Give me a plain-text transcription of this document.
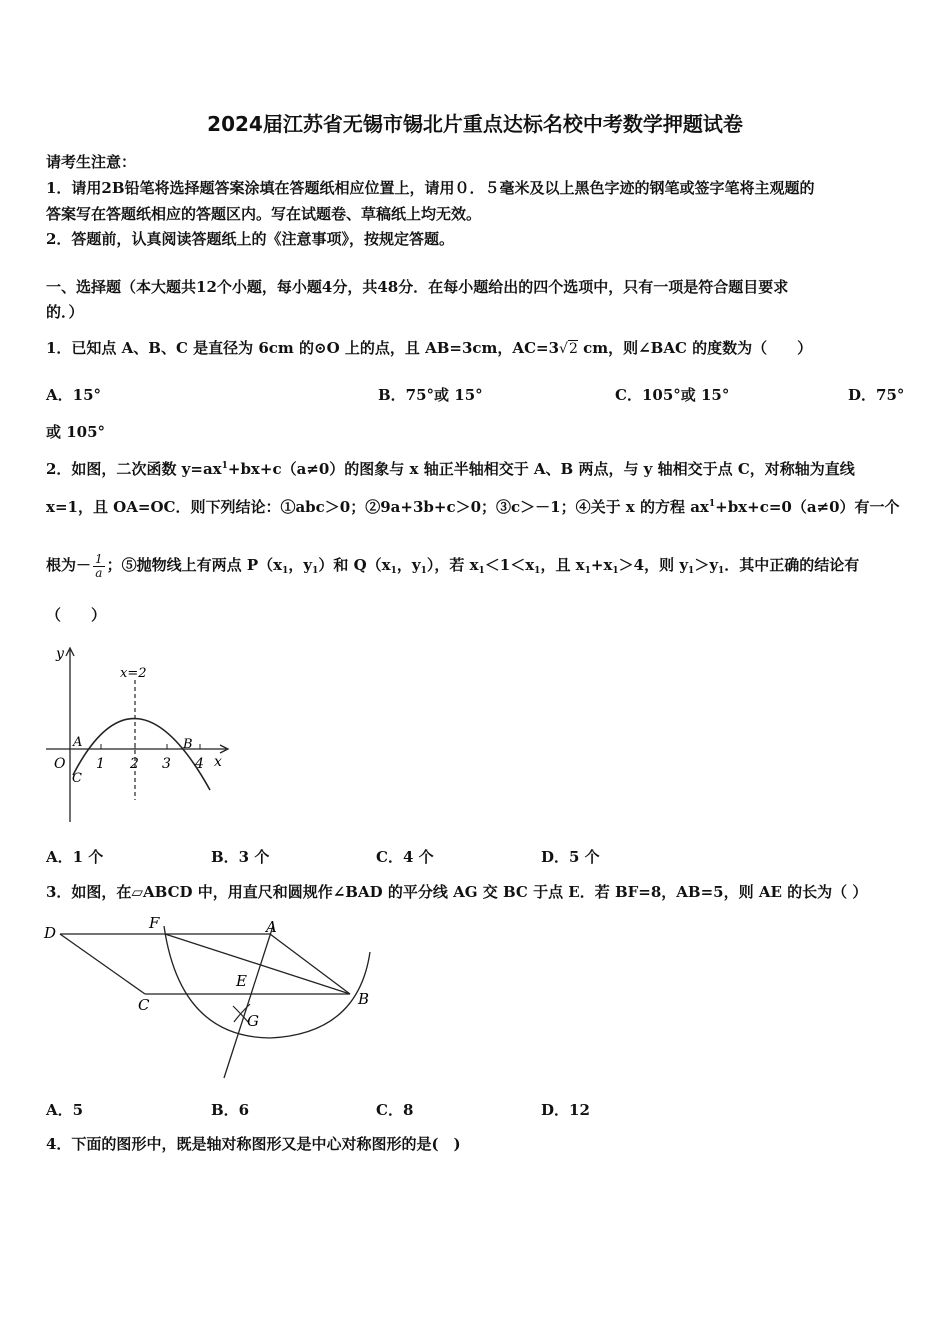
2024届江苏省无锡市锡北片重点达标名校中考数学押题试卷
请考生注意：
1．请用2B铅笔将选择题答案涂填在答题纸相应位置上，请用０．５毫米及以上黑色字迹的钢笔或签字笔将主观题的
答案写在答题纸相应的答题区内。写在试题卷、草稿纸上均无效。
2．答题前，认真阅读答题纸上的《注意事项》，按规定答题。
一、选择题（本大题共12个小题，每小题4分，共48分．在每小题给出的四个选项中，只有一项是符合题目要求
的．）
1．已知点 A、B、C 是直径为 6cm 的⊙O 上的点，且 AB=3cm，AC=3√2 cm，则∠BAC 的度数为（　　）
A．15°	B．75°或 15°	C．105°或 15°	D．75°
或 105°
2．如图，二次函数 $y=ax^1+bx+c(a\ne 0)$的图象与 x 轴正半轴相交于 A、B 两点，与 y 轴相交于点 C，对称轴为直线
x=1，且 OA=OC．则下列结论：①abc＞0；②9a+3b+c＞0；③c＞－1；④关于 x 的方程 $ax^1+bx+c=0(a\ne 0)$有一个
根为－ $\frac{1}{a}$ ；⑤抛物线上有两点 $P(x_1$，$y_1$）和 $Q(x_1$，$y_1$），若 $x_1<1<x_1$，且 $x_1+x_1>4$，则 $y_1>y_1$．其中正确的结论有
（　　）
y
x
x=2
O
A	B
C
1 2 3 4
A．1 个	B．3 个	C．4 个	D．5 个
3．如图，在▱ABCD 中，用直尺和圆规作∠BAD 的平分线 AG 交 BC 于点 E．若 BF=8，AB=5，则 AE 的长为（ ）
D
F	A
E
C	B
G
A．5	B．6	C．8	D．12
4．下面的图形中，既是轴对称图形又是中心对称图形的是(　)
